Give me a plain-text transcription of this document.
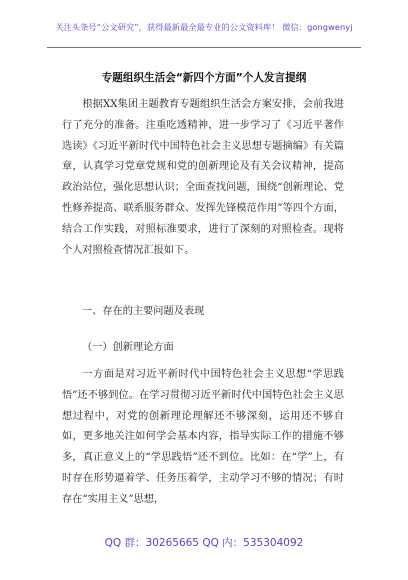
关注头条号“公文研究”，获得最新最全最专业的公文资料库！ 微信：gongwenyj
专题组织生活会“新四个方面”个人发言提纲

根据XX集团主题教育专题组织生活会方案安排，会前我进行了充分的准备。注重吃透精神，进一步学习了《习近平著作选读》《习近平新时代中国特色社会主义思想专题摘编》有关篇章，认真学习党章党规和党的创新理论及有关会议精神，提高政治站位，强化思想认识；全面查找问题，围绕“创新理论、党性修养提高、联系服务群众、发挥先锋模范作用”等四个方面，结合工作实践，对照标准要求，进行了深刻的对照检查。现将个人对照检查情况汇报如下。

一、存在的主要问题及表现
（一）创新理论方面

一方面是对习近平新时代中国特色社会主义思想“学思践悟”还不够到位。在学习贯彻习近平新时代中国特色社会主义思想过程中，对党的创新理论理解还不够深刻，运用还不够自如，更多地关注如何学会基本内容，指导实际工作的措施不够多，真正意义上的“学思践悟”还不到位。比如：在“学”上，有时存在形势逼着学、任务压着学，主动学习不够的情况；有时存在“实用主义”思想，

QQ 群：30265665 QQ 内：535304092
